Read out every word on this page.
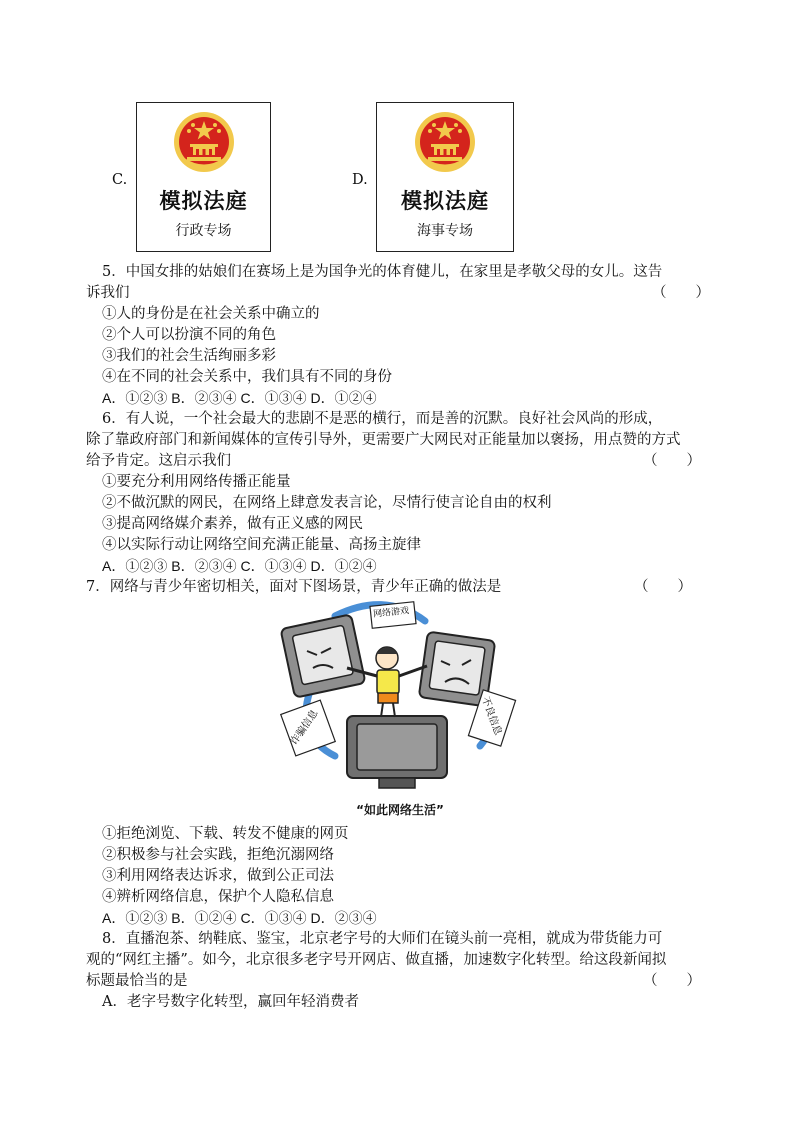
C.
模拟法庭
行政专场
D.
模拟法庭
海事专场
5．中国女排的姑娘们在赛场上是为国争光的体育健儿，在家里是孝敬父母的女儿。这告
诉我们	（　　）
①人的身份是在社会关系中确立的
②个人可以扮演不同的角色
③我们的社会生活绚丽多彩
④在不同的社会关系中，我们具有不同的身份
A．①②③ B．②③④ C．①③④ D．①②④
6．有人说，一个社会最大的悲剧不是恶的横行，而是善的沉默。良好社会风尚的形成，
除了靠政府部门和新闻媒体的宣传引导外，更需要广大网民对正能量加以褒扬，用点赞的方式
给予肯定。这启示我们	（　　）
①要充分利用网络传播正能量
②不做沉默的网民，在网络上肆意发表言论，尽情行使言论自由的权利
③提高网络媒介素养，做有正义感的网民
④以实际行动让网络空间充满正能量、高扬主旋律
A．①②③ B．②③④ C．①③④ D．①②④
7．网络与青少年密切相关，面对下图场景，青少年正确的做法是	（　　）
网络游戏
诈骗信息	不良信息
“如此网络生活”
①拒绝浏览、下载、转发不健康的网页
②积极参与社会实践，拒绝沉溺网络
③利用网络表达诉求，做到公正司法
④辨析网络信息，保护个人隐私信息
A．①②③ B．①②④ C．①③④ D．②③④
8．直播泡茶、纳鞋底、鉴宝，北京老字号的大师们在镜头前一亮相，就成为带货能力可
观的“网红主播”。如今，北京很多老字号开网店、做直播，加速数字化转型。给这段新闻拟
标题最恰当的是	（　　）
A．老字号数字化转型，赢回年轻消费者
